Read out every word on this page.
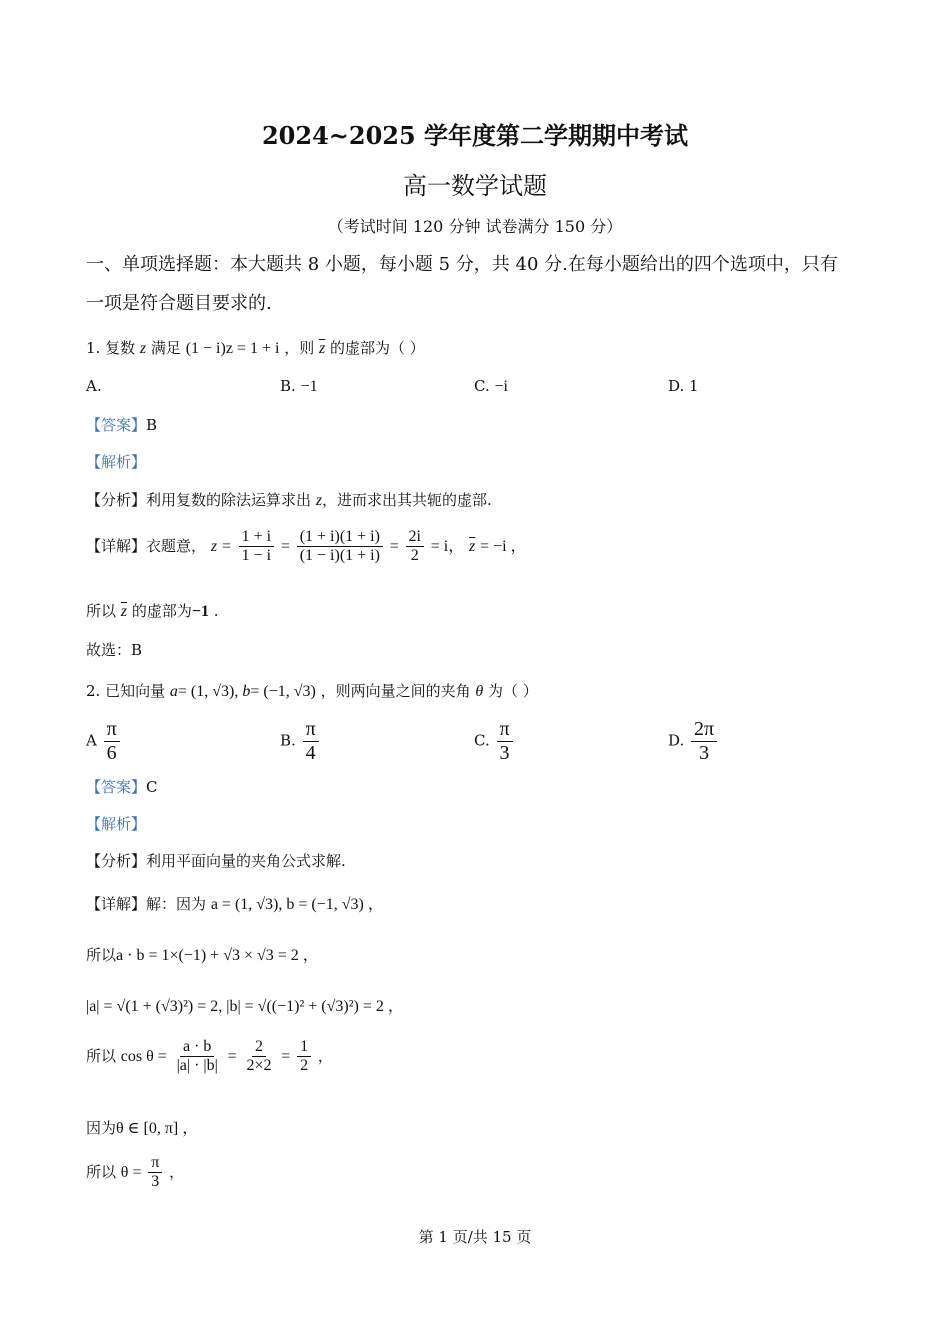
2024~2025 学年度第二学期期中考试
高一数学试题
（考试时间 120 分钟 试卷满分 150 分）
一、单项选择题：本大题共 8 小题，每小题 5 分，共 40 分.在每小题给出的四个选项中，只有
一项是符合题目要求的.
1. 复数 z 满足 (1 − i)z = 1 + i ，则 $\overline{z}$ 的虚部为（ ）
A.	B. −1	C. −i	D. 1
【答案】B
【解析】
【分析】利用复数的除法运算求出 z，进而求出其共轭的虚部.
【详解】衣题意， $z = \frac{1 + i}{1 - i} = \frac{(1 + i)(1 + i)}{(1 - i)(1 + i)} = \frac{2i}{2} = i$， $\overline{z} = -i$ ，
所以 $\overline{z}$ 的虚部为−1 .
故选：B
2. 已知向量 a= (1, √3), b= (−1, √3) ，则两向量之间的夹角 θ 为（ ）
A $\frac{\pi}{6}$	B. $\frac{\pi}{4}$	C. $\frac{\pi}{3}$	D. $\frac{2\pi}{3}$
【答案】C
【解析】
【分析】利用平面向量的夹角公式求解.
【详解】解：因为 a = (1, √3), b = (−1, √3) ，
所以a · b = 1×(−1) + √3 × √3 = 2 ，
|a| = √(1 + (√3)²) = 2, |b| = √((−1)² + (√3)²) = 2 ，
所以 $\cos \theta = \frac{a \cdot b}{|a| \cdot |b|} = \frac{2}{2\times 2} = \frac{1}{2}$ ，
因为θ ∈ [0, π] ，
所以 $\theta = \frac{\pi}{3}$ ，
第 1 页/共 15 页
